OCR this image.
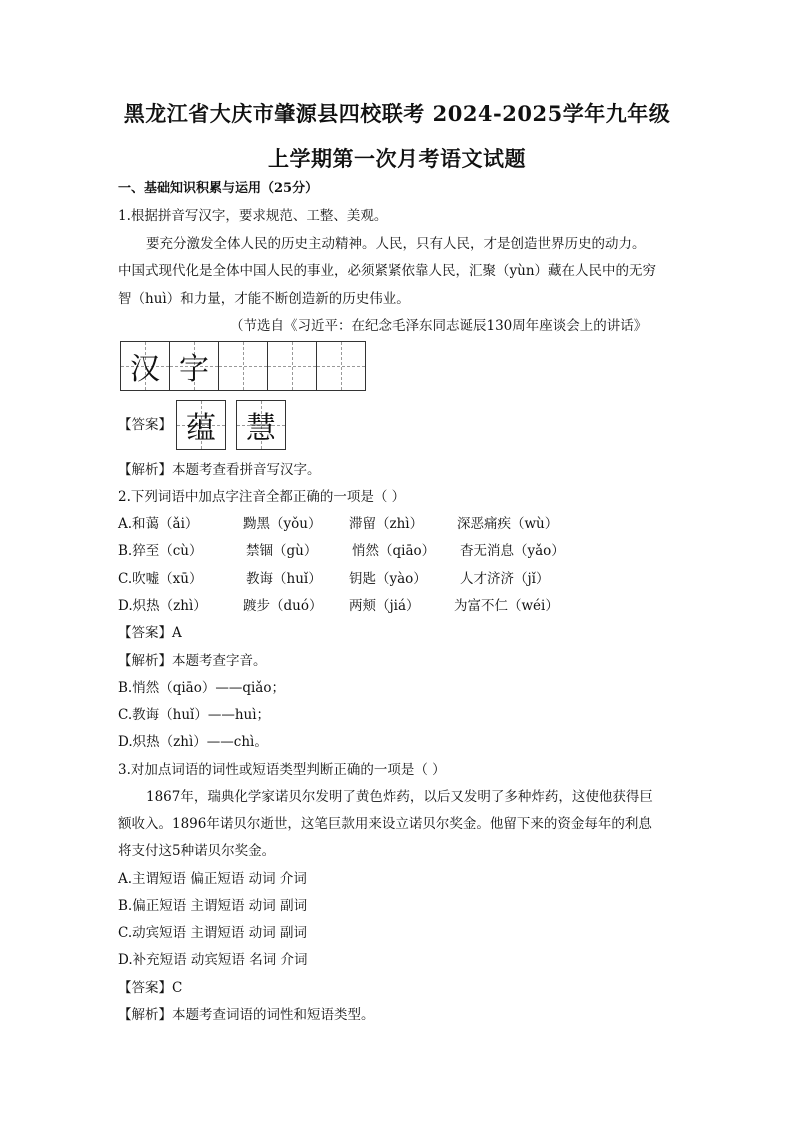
黑龙江省大庆市肇源县四校联考 2024-2025学年九年级
上学期第一次月考语文试题
一、基础知识积累与运用（25分）
1.根据拼音写汉字，要求规范、工整、美观。
要充分激发全体人民的历史主动精神。人民，只有人民，才是创造世界历史的动力。
中国式现代化是全体中国人民的事业，必须紧紧依靠人民，汇聚（yùn）藏在人民中的无穷
智（huì）和力量，才能不断创造新的历史伟业。
（节选自《习近平：在纪念毛泽东同志诞辰130周年座谈会上的讲话》
汉 字
【答案】 蕴 慧
【解析】本题考查看拼音写汉字。
2.下列词语中加点字注音全都正确的一项是（ ）
A.和蔼（ǎi）	黝黑（yǒu） 滞留（zhì）	深恶痛疾（wù）
B.猝至（cù）	禁锢（gù）	悄然（qiāo） 杳无消息（yǎo）
C.吹嘘（xū）	教诲（huǐ） 钥匙（yào） 人才济济（jǐ）
D.炽热（zhì）	踱步（duó） 两颊（jiá）	为富不仁（wéi）
【答案】A
【解析】本题考查字音。
B.悄然（qiāo）——qiǎo；
C.教诲（huǐ）——huì；
D.炽热（zhì）——chì。
3.对加点词语的词性或短语类型判断正确的一项是（ ）
1867年，瑞典化学家诺贝尔发明了黄色炸药，以后又发明了多种炸药，这使他获得巨
额收入。1896年诺贝尔逝世，这笔巨款用来设立诺贝尔奖金。他留下来的资金每年的利息
将支付这5种诺贝尔奖金。
A.主谓短语 偏正短语 动词 介词
B.偏正短语 主谓短语 动词 副词
C.动宾短语 主谓短语 动词 副词
D.补充短语 动宾短语 名词 介词
【答案】C
【解析】本题考查词语的词性和短语类型。
